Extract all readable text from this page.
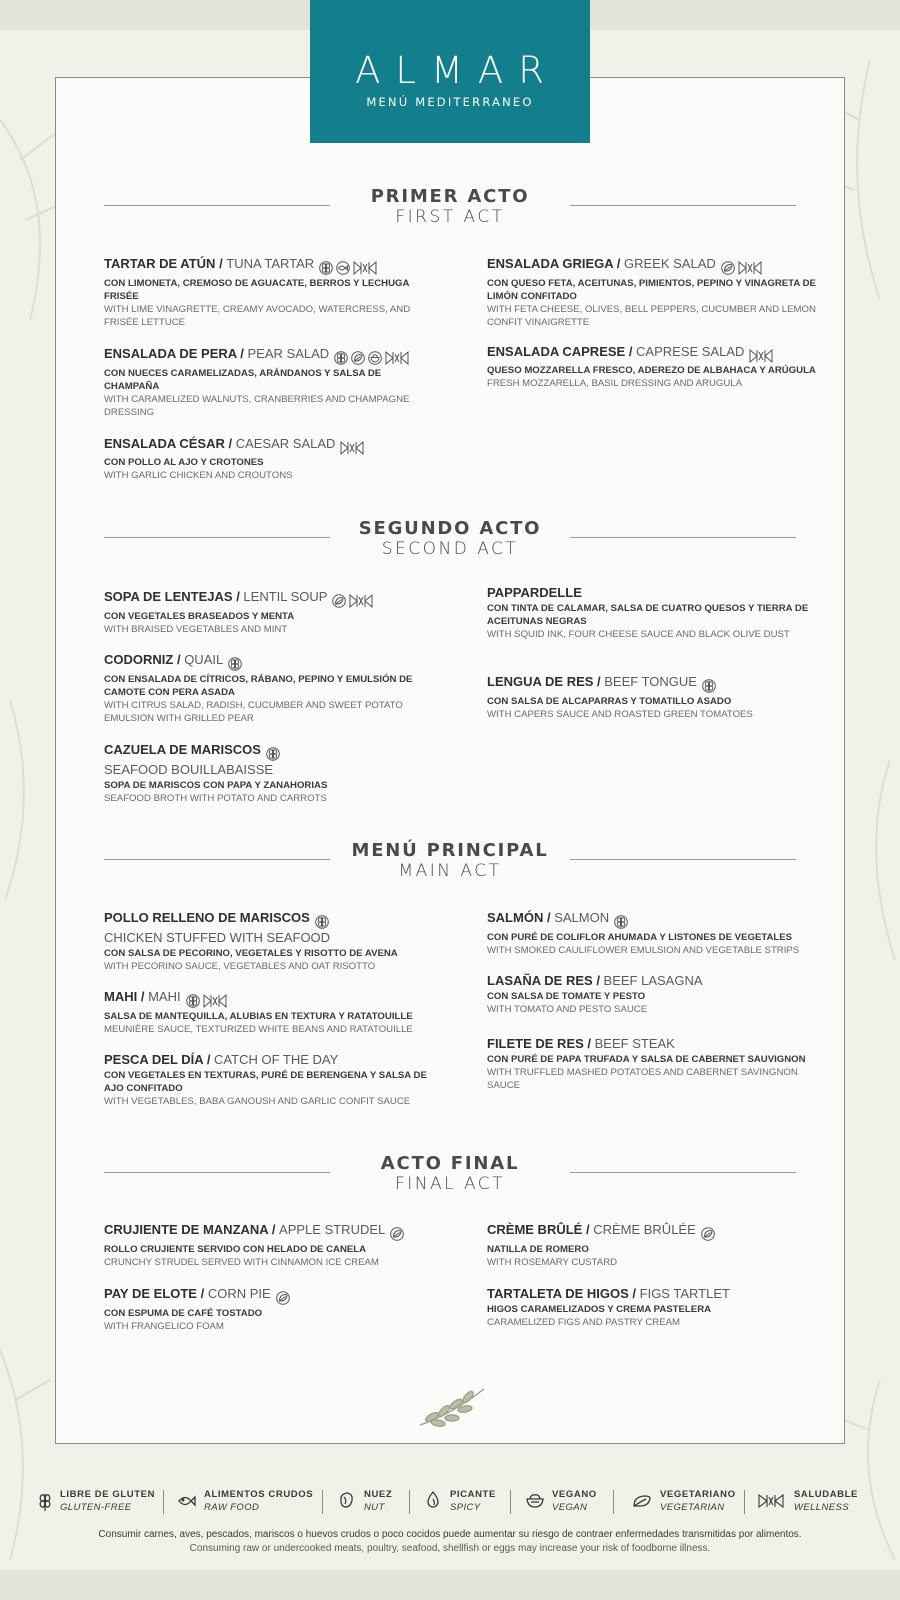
ALMAR
MENÚ MEDITERRANEO
PRIMER ACTO
FIRST ACT
TARTAR DE ATÚN / TUNA TARTAR
CON LIMONETA, CREMOSO DE AGUACATE, BERROS Y LECHUGA FRISÉE
WITH LIME VINAGRETTE, CREAMY AVOCADO, WATERCRESS, AND FRISÉE LETTUCE
ENSALADA GRIEGA / GREEK SALAD
CON QUESO FETA, ACEITUNAS, PIMIENTOS, PEPINO Y VINAGRETA DE LIMÓN CONFITADO
WITH FETA CHEESE, OLIVES, BELL PEPPERS, CUCUMBER AND LEMON CONFIT VINAIGRETTE
ENSALADA DE PERA / PEAR SALAD
CON NUECES CARAMELIZADAS, ARÁNDANOS Y SALSA DE CHAMPAÑA
WITH CARAMELIZED WALNUTS, CRANBERRIES AND CHAMPAGNE DRESSING
ENSALADA CAPRESE / CAPRESE SALAD
QUESO MOZZARELLA FRESCO, ADEREZO DE ALBAHACA Y ARÚGULA
FRESH MOZZARELLA, BASIL DRESSING AND ARUGULA
ENSALADA CÉSAR / CAESAR SALAD
CON POLLO AL AJO Y CROTONES
WITH GARLIC CHICKEN AND CROUTONS
SEGUNDO ACTO
SECOND ACT
SOPA DE LENTEJAS / LENTIL SOUP
CON VEGETALES BRASEADOS Y MENTA
WITH BRAISED VEGETABLES AND MINT
PAPPARDELLE
CON TINTA DE CALAMAR, SALSA DE CUATRO QUESOS Y TIERRA DE ACEITUNAS NEGRAS
WITH SQUID INK, FOUR CHEESE SAUCE AND BLACK OLIVE DUST
CODORNIZ / QUAIL
CON ENSALADA DE CÍTRICOS, RÁBANO, PEPINO Y EMULSIÓN DE CAMOTE CON PERA ASADA
WITH CITRUS SALAD, RADISH, CUCUMBER AND SWEET POTATO EMULSION WITH GRILLED PEAR
LENGUA DE RES / BEEF TONGUE
CON SALSA DE ALCAPARRAS Y TOMATILLO ASADO
WITH CAPERS SAUCE AND ROASTED GREEN TOMATOES
CAZUELA DE MARISCOS
SEAFOOD BOUILLABAISSE
SOPA DE MARISCOS CON PAPA Y ZANAHORIAS
SEAFOOD BROTH WITH POTATO AND CARROTS
MENÚ PRINCIPAL
MAIN ACT
POLLO RELLENO DE MARISCOS
CHICKEN STUFFED WITH SEAFOOD
CON SALSA DE PECORINO, VEGETALES Y RISOTTO DE AVENA
WITH PECORINO SAUCE, VEGETABLES AND OAT RISOTTO
SALMÓN / SALMON
CON PURÉ DE COLIFLOR AHUMADA Y LISTONES DE VEGETALES
WITH SMOKED CAULIFLOWER EMULSION AND VEGETABLE STRIPS
MAHI / MAHI
SALSA DE MANTEQUILLA, ALUBIAS EN TEXTURA Y RATATOUILLE
MEUNIÈRE SAUCE, TEXTURIZED WHITE BEANS AND RATATOUILLE
LASAÑA DE RES / BEEF LASAGNA
CON SALSA DE TOMATE Y PESTO
WITH TOMATO AND PESTO SAUCE
PESCA DEL DÍA / CATCH OF THE DAY
CON VEGETALES EN TEXTURAS, PURÉ DE BERENGENA Y SALSA DE AJO CONFITADO
WITH VEGETABLES, BABA GANOUSH AND GARLIC CONFIT SAUCE
FILETE DE RES / BEEF STEAK
CON PURÉ DE PAPA TRUFADA Y SALSA DE CABERNET SAUVIGNON
WITH TRUFFLED MASHED POTATOES AND CABERNET SAVINGNON SAUCE
ACTO FINAL
FINAL ACT
CRUJIENTE DE MANZANA / APPLE STRUDEL
ROLLO CRUJIENTE SERVIDO CON HELADO DE CANELA
CRUNCHY STRUDEL SERVED WITH CINNAMON ICE CREAM
CRÈME BRÛLÉ / CRÈME BRÛLÉE
NATILLA DE ROMERO
WITH ROSEMARY CUSTARD
PAY DE ELOTE / CORN PIE
CON ESPUMA DE CAFÉ TOSTADO
WITH FRANGELICO FOAM
TARTALETA DE HIGOS / FIGS TARTLET
HIGOS CARAMELIZADOS Y CREMA PASTELERA
CARAMELIZED FIGS AND PASTRY CREAM
LIBRE DE GLUTEN
GLUTEN-FREE
ALIMENTOS CRUDOS
RAW FOOD
NUEZ
NUT
PICANTE
SPICY
VEGANO
VEGAN
VEGETARIANO
VEGETARIAN
SALUDABLE
WELLNESS
Consumir carnes, aves, pescados, mariscos o huevos crudos o poco cocidos puede aumentar su riesgo de contraer enfermedades transmitidas por alimentos.
Consuming raw or undercooked meats, poultry, seafood, shellfish or eggs may increase your risk of foodborne illness.
